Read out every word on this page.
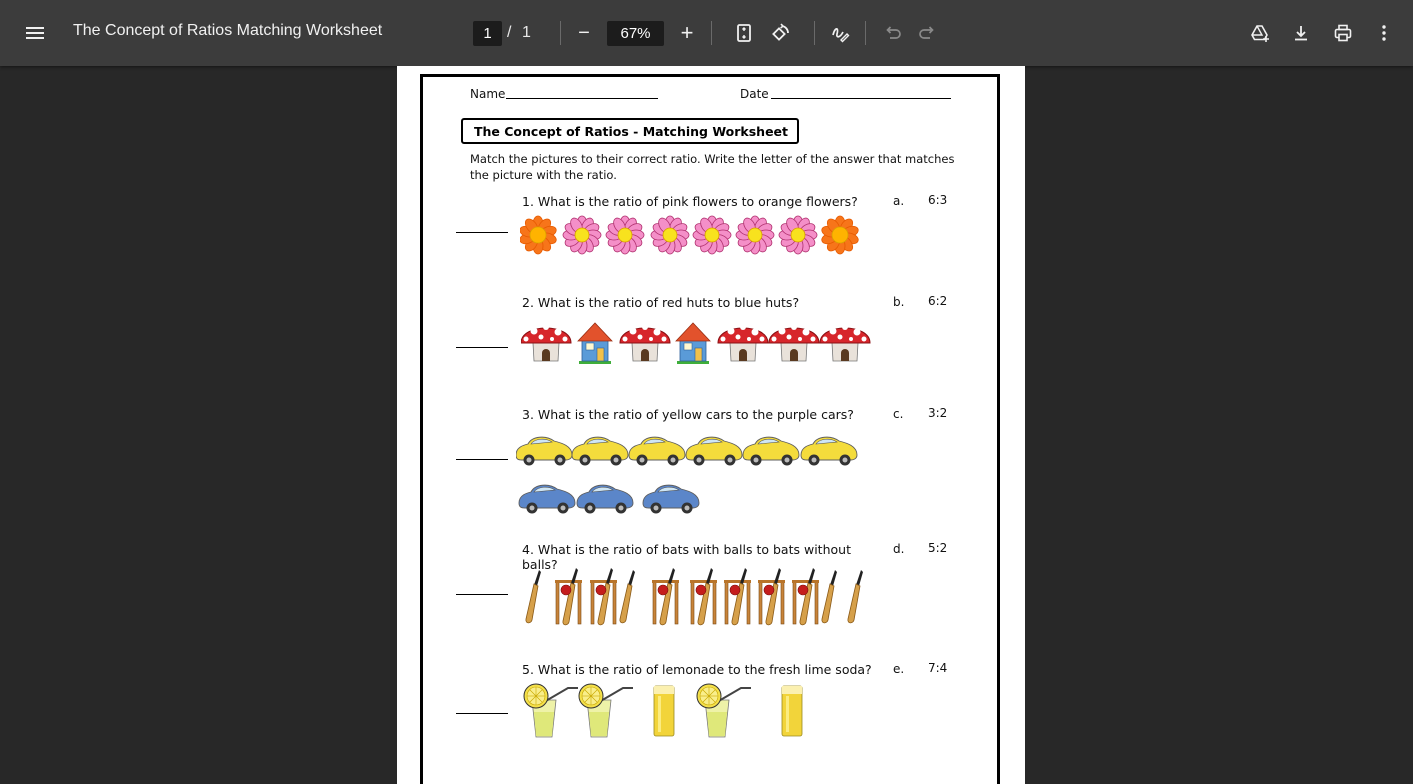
The Concept of Ratios Matching Worksheet	1 / 1	−	67%	+
Name	Date
The Concept of Ratios - Matching Worksheet
Match the pictures to their correct ratio. Write the letter of the answer that matches the picture with the ratio.
1. What is the ratio of pink flowers to orange flowers?	a. 6:3
2. What is the ratio of red huts to blue huts?	b. 6:2
3. What is the ratio of yellow cars to the purple cars?	c. 3:2
4. What is the ratio of bats with balls to bats without balls?
d. 5:2
5. What is the ratio of lemonade to the fresh lime soda? e. 7:4
